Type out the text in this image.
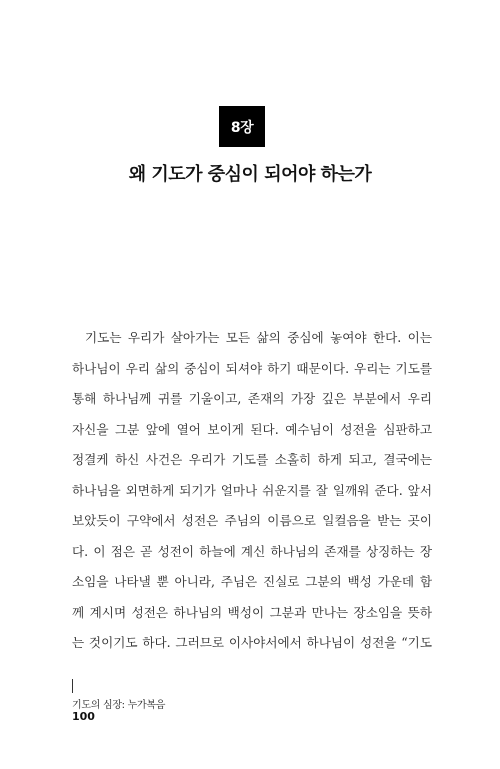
8장
왜 기도가 중심이 되어야 하는가
기도는 우리가 살아가는 모든 삶의 중심에 놓여야 한다. 이는
하나님이 우리 삶의 중심이 되셔야 하기 때문이다. 우리는 기도를
통해 하나님께 귀를 기울이고, 존재의 가장 깊은 부분에서 우리
자신을 그분 앞에 열어 보이게 된다. 예수님이 성전을 심판하고
정결케 하신 사건은 우리가 기도를 소홀히 하게 되고, 결국에는
하나님을 외면하게 되기가 얼마나 쉬운지를 잘 일깨워 준다. 앞서
보았듯이 구약에서 성전은 주님의 이름으로 일컬음을 받는 곳이
다. 이 점은 곧 성전이 하늘에 계신 하나님의 존재를 상징하는 장
소임을 나타낼 뿐 아니라, 주님은 진실로 그분의 백성 가운데 함
께 계시며 성전은 하나님의 백성이 그분과 만나는 장소임을 뜻하
는 것이기도 하다. 그러므로 이사야서에서 하나님이 성전을 “기도
기도의 심장: 누가복음
100
